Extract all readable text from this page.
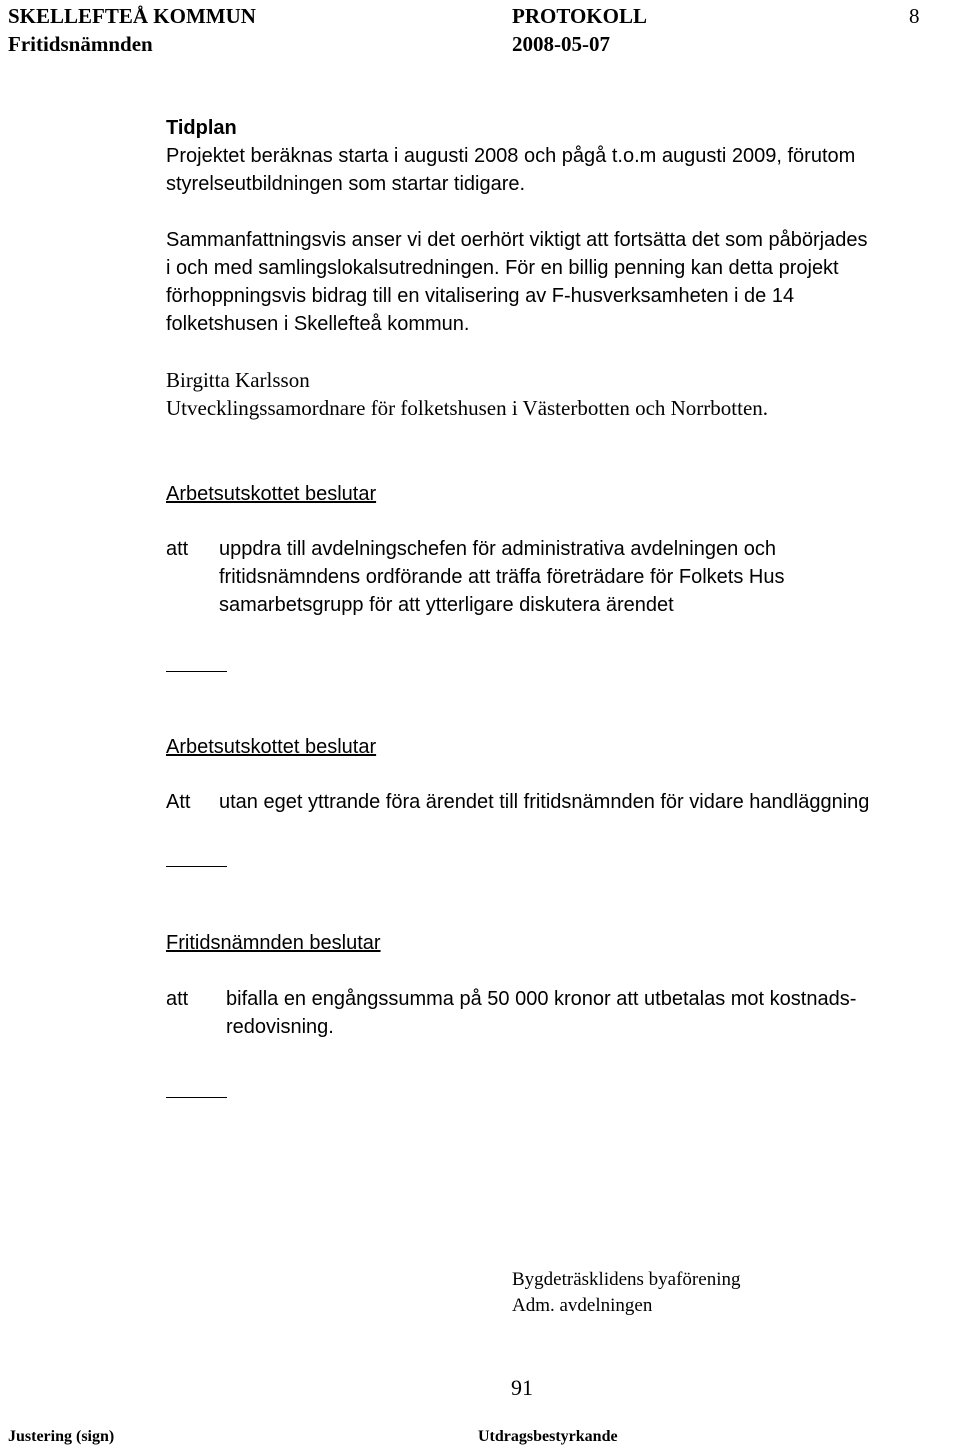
SKELLEFTEÅ KOMMUN	PROTOKOLL	8
Fritidsnämnden	2008-05-07

Tidplan

Projektet beräknas starta i augusti 2008 och pågå t.o.m augusti 2009, förutom

styrelseutbildningen som startar tidigare.

Sammanfattningsvis anser vi det oerhört viktigt att fortsätta det som påbörjades

i och med samlingslokalsutredningen. För en billig penning kan detta projekt

förhoppningsvis bidrag till en vitalisering av F-husverksamheten i de 14

folketshusen i Skellefteå kommun.

Birgitta Karlsson

Utvecklingssamordnare för folketshusen i Västerbotten och Norrbotten.

Arbetsutskottet beslutar
att uppdra till avdelningschefen för administrativa avdelningen och

fritidsnämndens ordförande att träffa företrädare för Folkets Hus

samarbetsgrupp för att ytterligare diskutera ärendet

Arbetsutskottet beslutar
Att utan eget yttrande föra ärendet till fritidsnämnden för vidare handläggning

Fritidsnämnden beslutar
att bifalla en engångssumma på 50 000 kronor att utbetalas mot kostnads-

redovisning.

Bygdeträsklidens byaförening
Adm. avdelningen
91
Justering (sign)	Utdragsbestyrkande
